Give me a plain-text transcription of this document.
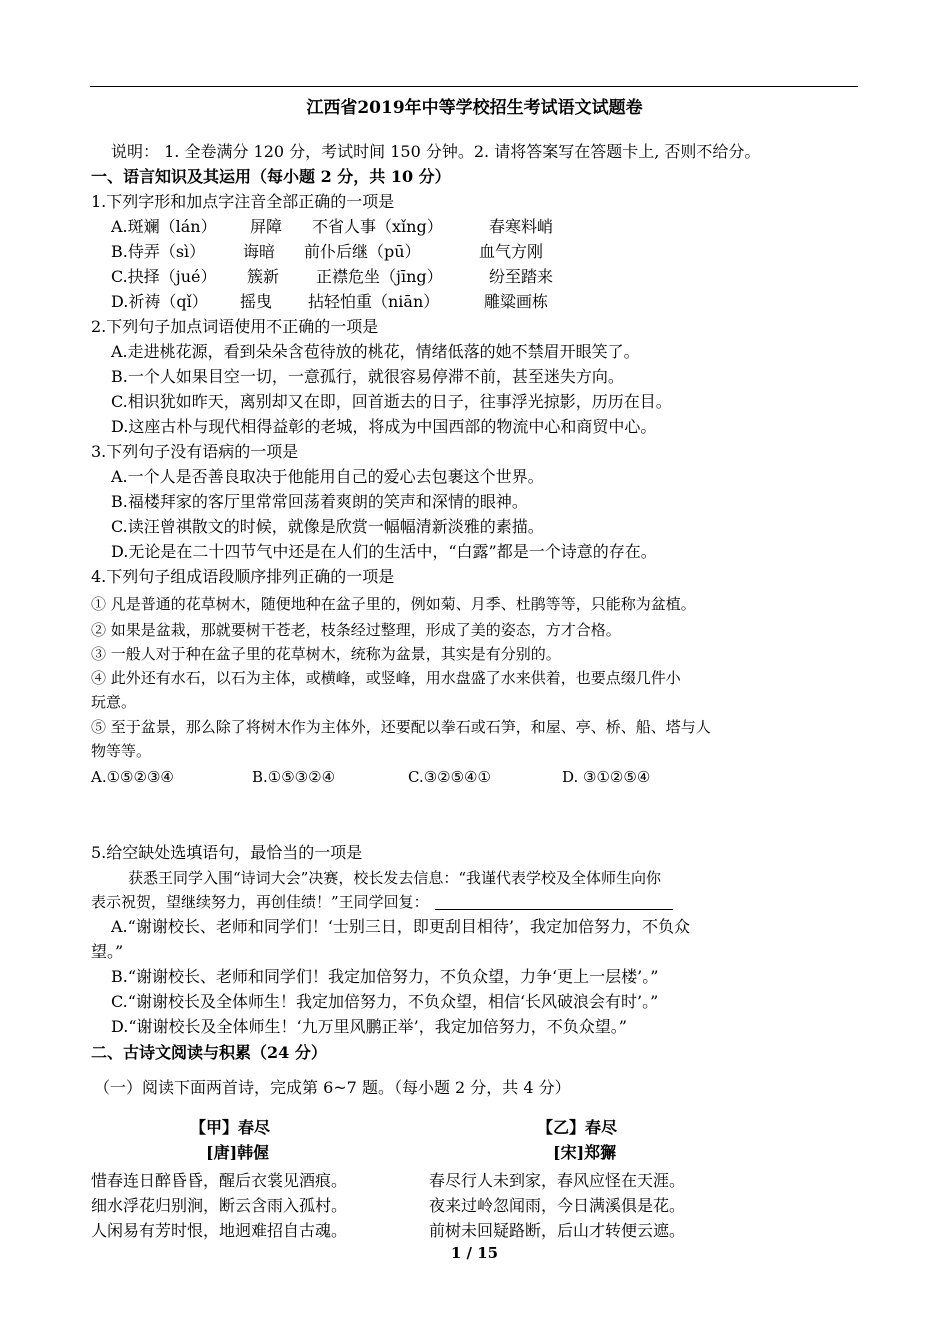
江西省2019年中等学校招生考试语文试题卷
说明： 1. 全卷满分 120 分，考试时间 150 分钟。2. 请将答案写在答题卡上, 否则不给分。
一、语言知识及其运用（每小题 2 分，共 10 分）
1.下列字形和加点字注音全部正确的一项是
A.斑斓（lán） 屏障 不省人事（xǐng）	春寒料峭
B.侍弄（sì） 诲暗 前仆后继（pū）	血气方刚
C.抉择（jué） 簇新 正襟危坐（jīng）	纷至踏来
D.祈祷（qǐ） 摇曳 拈轻怕重（niān）	雕粱画栋
2.下列句子加点词语使用不正确的一项是
A.走进桃花源，看到朵朵含苞待放的桃花，情绪低落的她不禁眉开眼笑了。
B.一个人如果目空一切，一意孤行，就很容易停滞不前，甚至迷失方向。
C.相识犹如昨天，离别却又在即，回首逝去的日子，往事浮光掠影，历历在目。
D.这座古朴与现代相得益彰的老城，将成为中国西部的物流中心和商贸中心。
3.下列句子没有语病的一项是
A.一个人是否善良取决于他能用自己的爱心去包裹这个世界。
B.福楼拜家的客厅里常常回荡着爽朗的笑声和深情的眼神。
C.读汪曾祺散文的时候，就像是欣赏一幅幅清新淡雅的素描。
D.无论是在二十四节气中还是在人们的生活中，“白露”都是一个诗意的存在。
4.下列句子组成语段顺序排列正确的一项是
① 凡是普通的花草树木，随便地种在盆子里的，例如菊、月季、杜鹃等等，只能称为盆植。
② 如果是盆栽，那就要树干苍老，枝条经过整理，形成了美的姿态，方才合格。
③ 一般人对于种在盆子里的花草树木，统称为盆景，其实是有分别的。
④ 此外还有水石，以石为主体，或横峰，或竖峰，用水盘盛了水来供着，也要点缀几件小
玩意。
⑤ 至于盆景，那么除了将树木作为主体外，还要配以拳石或石笋，和屋、亭、桥、船、塔与人
物等等。
A.①⑤②③④	B.①⑤③②④	C.③②⑤④①	D. ③①②⑤④
5.给空缺处选填语句，最恰当的一项是
获悉王同学入围“诗词大会”决赛，校长发去信息：“我谨代表学校及全体师生向你
表示祝贺，望继续努力，再创佳绩！”王同学回复：
A.“谢谢校长、老师和同学们！‘士别三日，即更刮目相待’，我定加倍努力，不负众
望。”
B.“谢谢校长、老师和同学们！我定加倍努力，不负众望，力争‘更上一层楼’。”
C.“谢谢校长及全体师生！我定加倍努力，不负众望，相信‘长风破浪会有时’。”
D.“谢谢校长及全体师生！‘九万里风鹏正举’，我定加倍努力，不负众望。”
二、古诗文阅读与积累（24 分）
（一）阅读下面两首诗，完成第 6~7 题。（每小题 2 分，共 4 分）
【甲】春尽
[唐]韩偓
【乙】春尽
[宋]郑獬
惜春连日醉昏昏，醒后衣裳见酒痕。
细水浮花归别涧，断云含雨入孤村。
人闲易有芳时恨，地迥难招自古魂。
春尽行人未到家，春风应怪在天涯。
夜来过岭忽闻雨，今日满溪俱是花。
前树未回疑路断，后山才转便云遮。
1 / 15
